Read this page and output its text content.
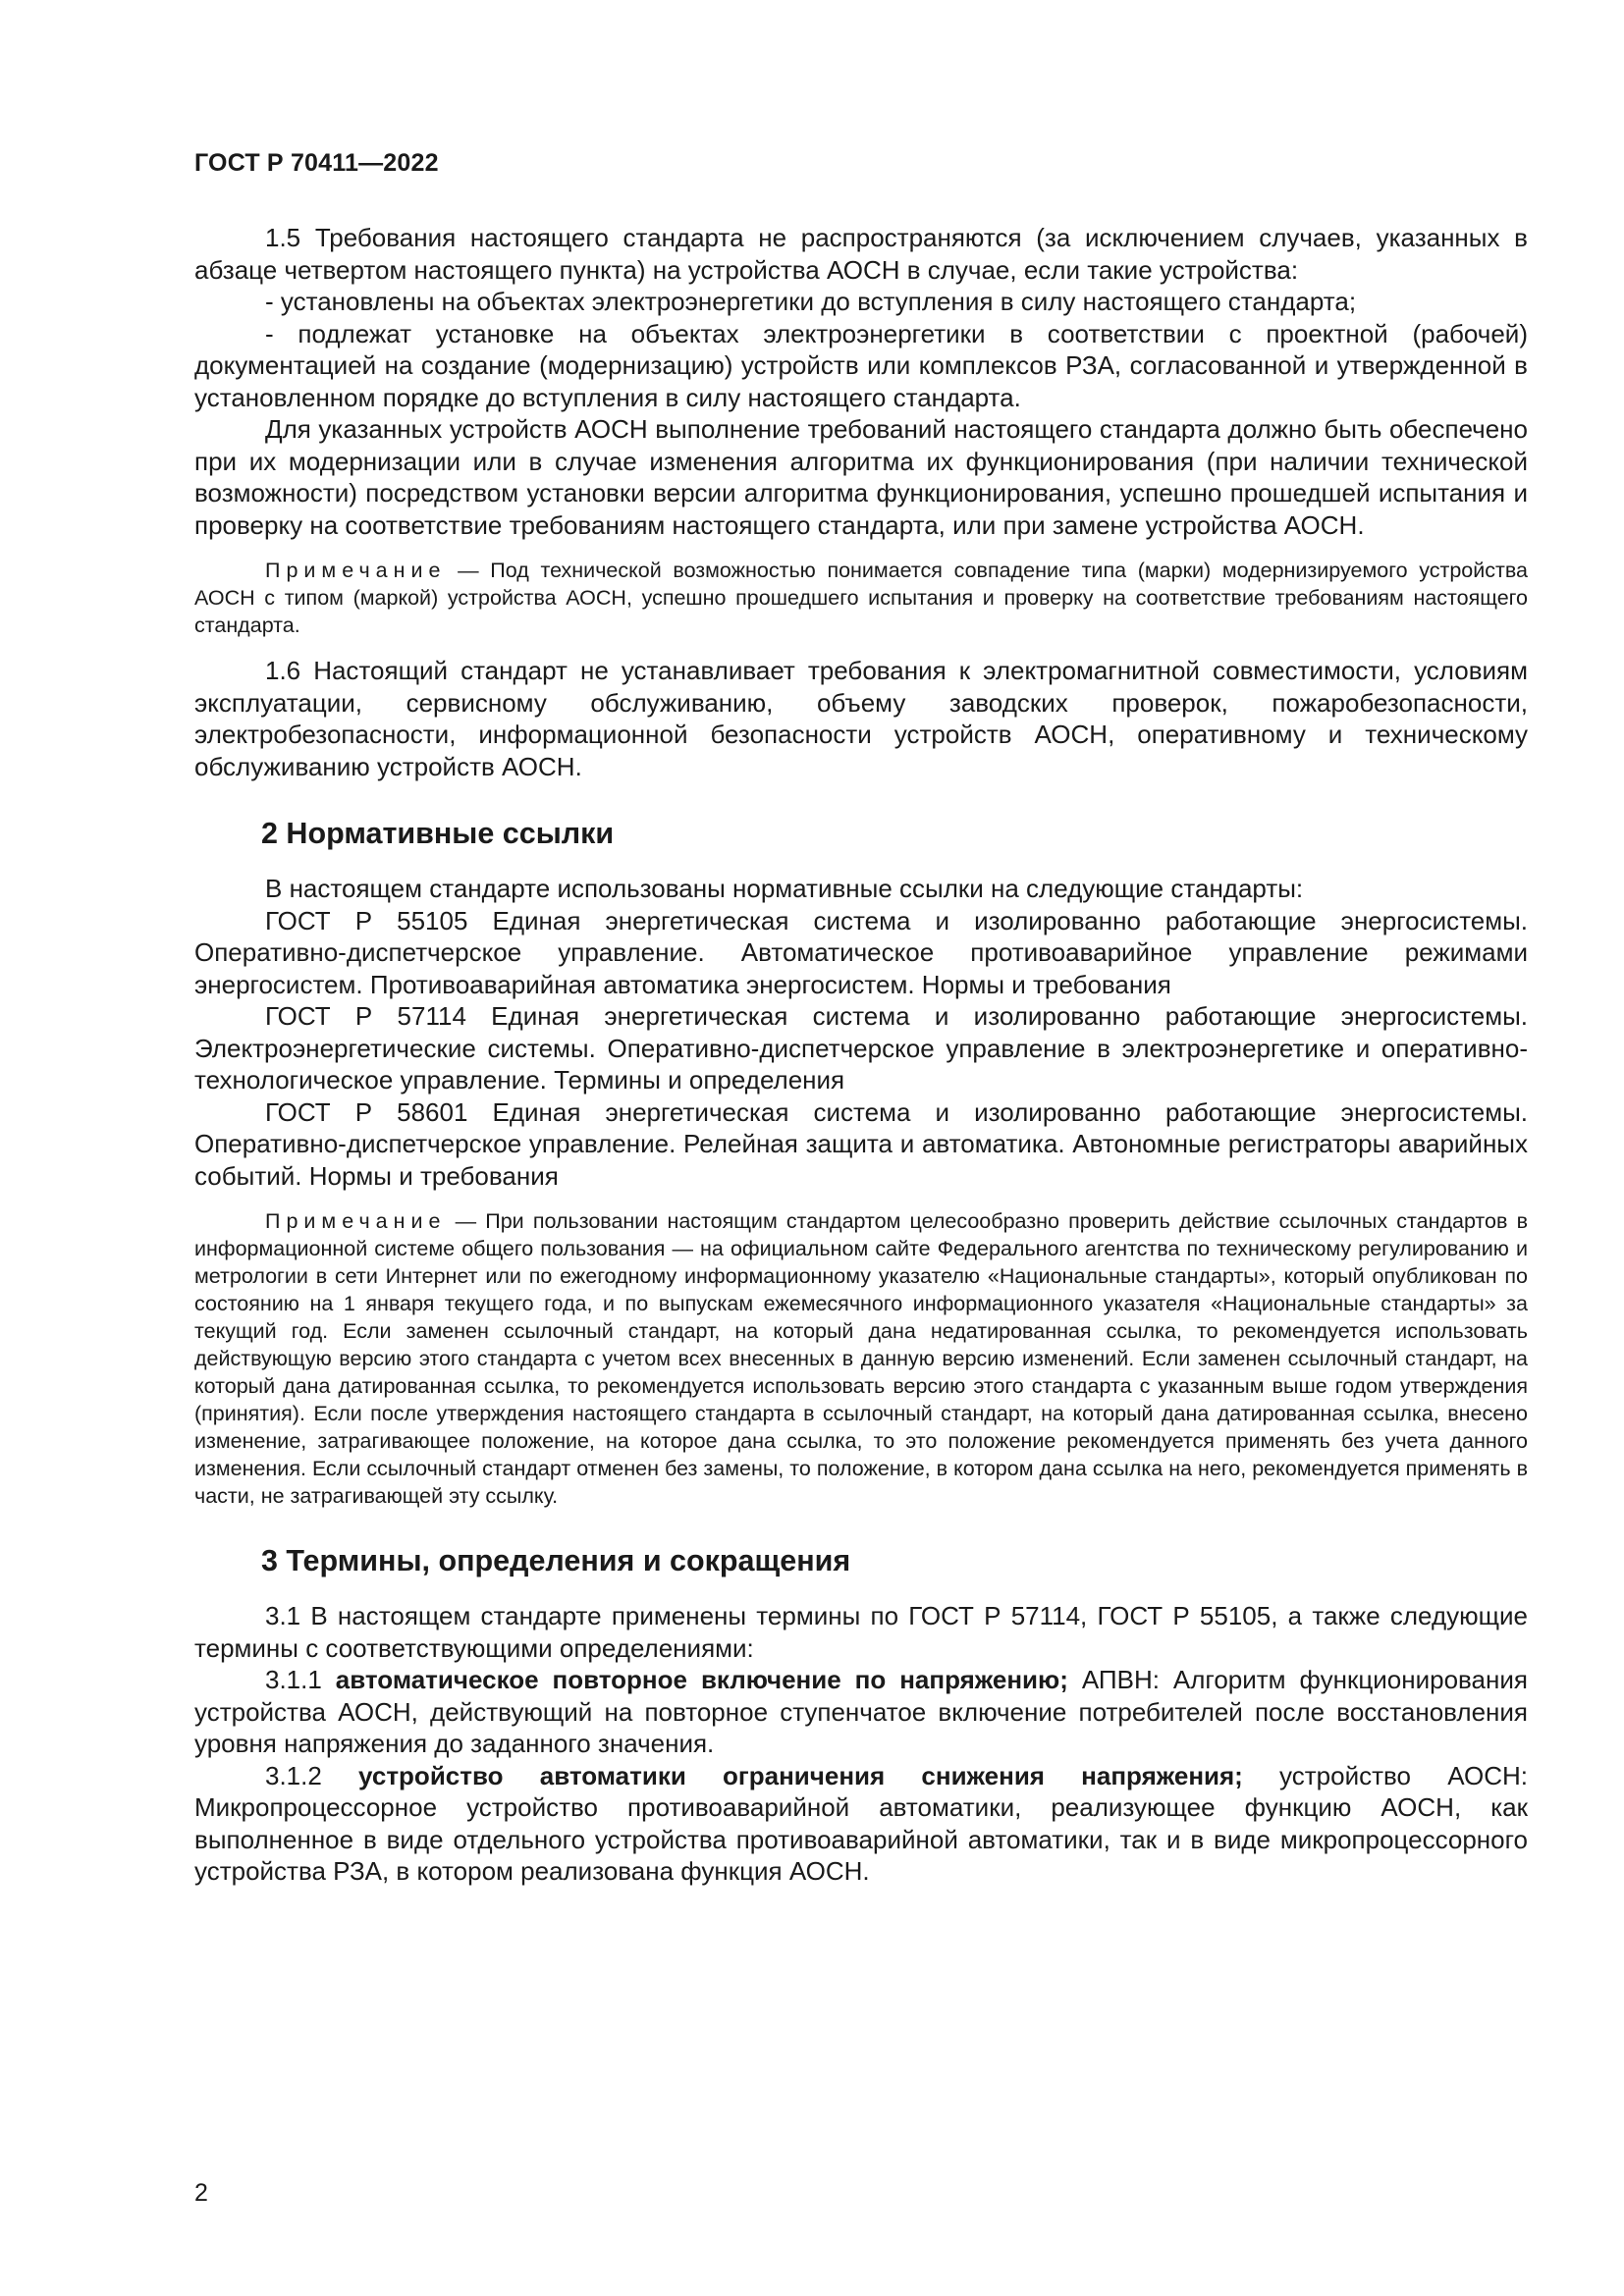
ГОСТ Р 70411—2022

1.5 Требования настоящего стандарта не распространяются (за исключением случаев, указанных в абзаце четвертом настоящего пункта) на устройства АОСН в случае, если такие устройства:

- установлены на объектах электроэнергетики до вступления в силу настоящего стандарта;

- подлежат установке на объектах электроэнергетики в соответствии с проектной (рабочей) документацией на создание (модернизацию) устройств или комплексов РЗА, согласованной и утвержденной в установленном порядке до вступления в силу настоящего стандарта.

Для указанных устройств АОСН выполнение требований настоящего стандарта должно быть обеспечено при их модернизации или в случае изменения алгоритма их функционирования (при наличии технической возможности) посредством установки версии алгоритма функционирования, успешно прошедшей испытания и проверку на соответствие требованиям настоящего стандарта, или при замене устройства АОСН.

Примечание — Под технической возможностью понимается совпадение типа (марки) модернизируемого устройства АОСН с типом (маркой) устройства АОСН, успешно прошедшего испытания и проверку на соответствие требованиям настоящего стандарта.

1.6 Настоящий стандарт не устанавливает требования к электромагнитной совместимости, условиям эксплуатации, сервисному обслуживанию, объему заводских проверок, пожаробезопасности, электробезопасности, информационной безопасности устройств АОСН, оперативному и техническому обслуживанию устройств АОСН.

2 Нормативные ссылки

В настоящем стандарте использованы нормативные ссылки на следующие стандарты:

ГОСТ Р 55105 Единая энергетическая система и изолированно работающие энергосистемы. Оперативно-диспетчерское управление. Автоматическое противоаварийное управление режимами энергосистем. Противоаварийная автоматика энергосистем. Нормы и требования

ГОСТ Р 57114 Единая энергетическая система и изолированно работающие энергосистемы. Электроэнергетические системы. Оперативно-диспетчерское управление в электроэнергетике и оперативно-технологическое управление. Термины и определения

ГОСТ Р 58601 Единая энергетическая система и изолированно работающие энергосистемы. Оперативно-диспетчерское управление. Релейная защита и автоматика. Автономные регистраторы аварийных событий. Нормы и требования

Примечание — При пользовании настоящим стандартом целесообразно проверить действие ссылочных стандартов в информационной системе общего пользования — на официальном сайте Федерального агентства по техническому регулированию и метрологии в сети Интернет или по ежегодному информационному указателю «Национальные стандарты», который опубликован по состоянию на 1 января текущего года, и по выпускам ежемесячного информационного указателя «Национальные стандарты» за текущий год. Если заменен ссылочный стандарт, на который дана недатированная ссылка, то рекомендуется использовать действующую версию этого стандарта с учетом всех внесенных в данную версию изменений. Если заменен ссылочный стандарт, на который дана датированная ссылка, то рекомендуется использовать версию этого стандарта с указанным выше годом утверждения (принятия). Если после утверждения настоящего стандарта в ссылочный стандарт, на который дана датированная ссылка, внесено изменение, затрагивающее положение, на которое дана ссылка, то это положение рекомендуется применять без учета данного изменения. Если ссылочный стандарт отменен без замены, то положение, в котором дана ссылка на него, рекомендуется применять в части, не затрагивающей эту ссылку.

3 Термины, определения и сокращения

3.1 В настоящем стандарте применены термины по ГОСТ Р 57114, ГОСТ Р 55105, а также следующие термины с соответствующими определениями:

3.1.1 автоматическое повторное включение по напряжению; АПВН: Алгоритм функционирования устройства АОСН, действующий на повторное ступенчатое включение потребителей после восстановления уровня напряжения до заданного значения.

3.1.2 устройство автоматики ограничения снижения напряжения; устройство АОСН: Микропроцессорное устройство противоаварийной автоматики, реализующее функцию АОСН, как выполненное в виде отдельного устройства противоаварийной автоматики, так и в виде микропроцессорного устройства РЗА, в котором реализована функция АОСН.

2
